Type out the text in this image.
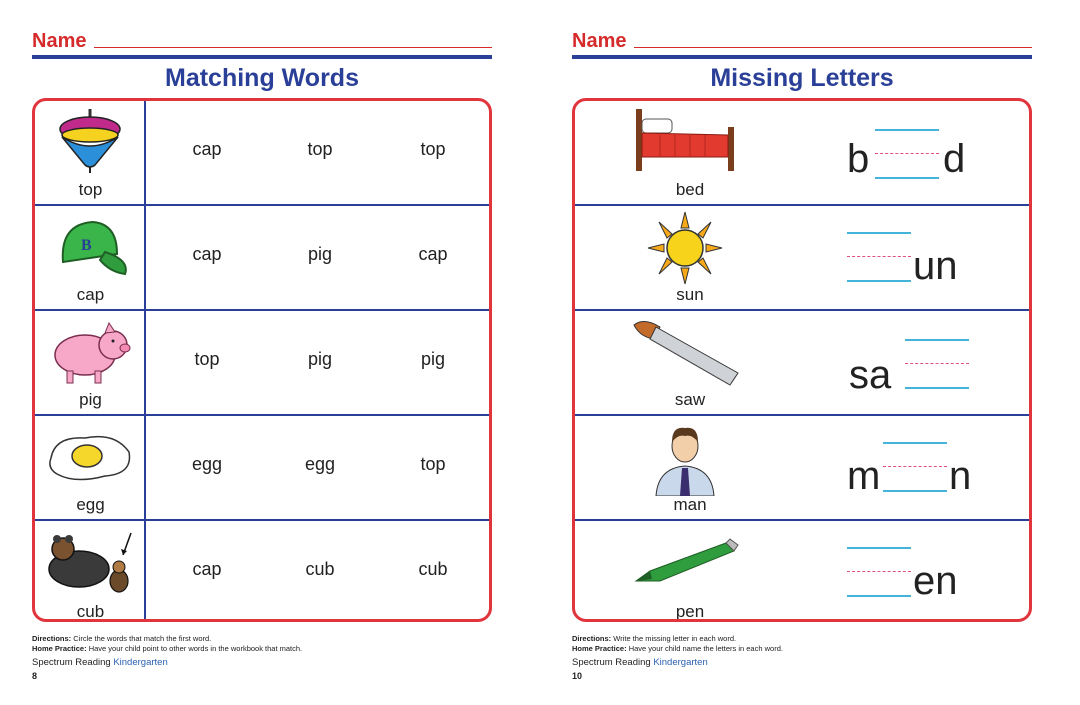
Name
Matching Words
top
cap	top	top
B
cap
cap	pig	cap
pig
top	pig	pig
egg
egg	egg	top
cub
cap	cub	cub
Directions: Circle the words that match the first word.
Home Practice: Have your child point to other words in the workbook that match.
Spectrum Reading Kindergarten
8
Name
Missing Letters
bed
b d
sun
un
saw
sa
man
m n
pen
en
Directions: Write the missing letter in each word.
Home Practice: Have your child name the letters in each word.
Spectrum Reading Kindergarten
10
